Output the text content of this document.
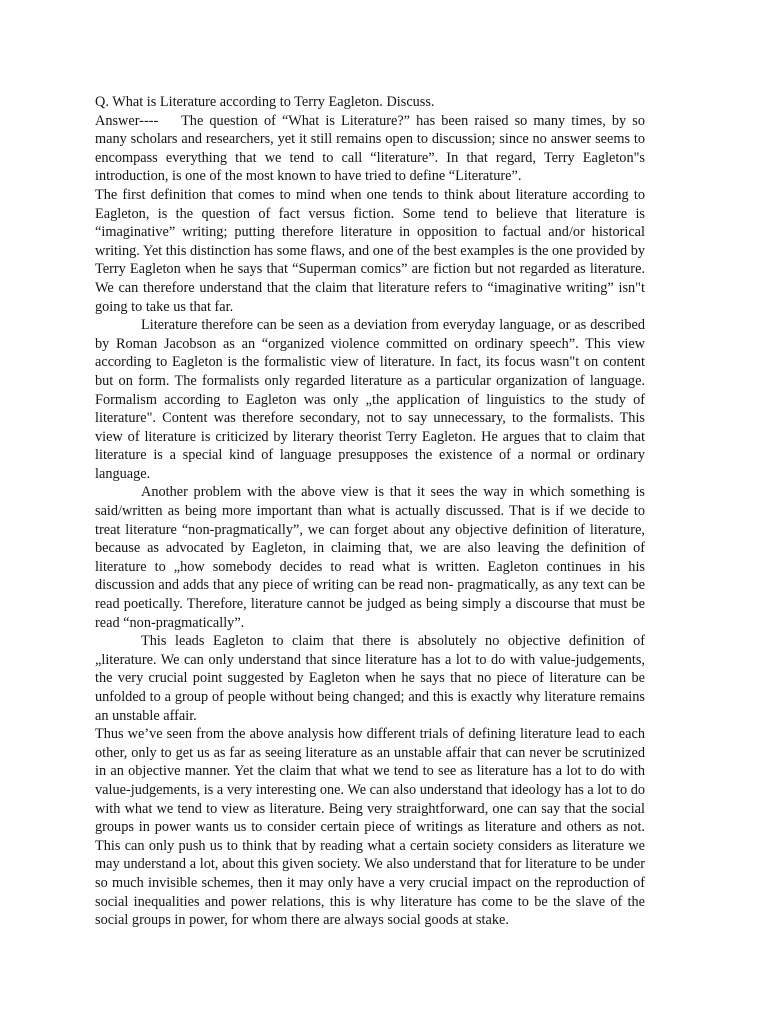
Q. What is Literature according to Terry Eagleton. Discuss.

Answer---- The question of “What is Literature?” has been raised so many times, by so many scholars and researchers, yet it still remains open to discussion; since no answer seems to encompass everything that we tend to call “literature”. In that regard, Terry Eagleton"s introduction, is one of the most known to have tried to define “Literature”.

The first definition that comes to mind when one tends to think about literature according to Eagleton, is the question of fact versus fiction. Some tend to believe that literature is “imaginative” writing; putting therefore literature in opposition to factual and/or historical writing. Yet this distinction has some flaws, and one of the best examples is the one provided by Terry Eagleton when he says that “Superman comics” are fiction but not regarded as literature. We can therefore understand that the claim that literature refers to “imaginative writing” isn"t going to take us that far.

Literature therefore can be seen as a deviation from everyday language, or as described by Roman Jacobson as an “organized violence committed on ordinary speech”. This view according to Eagleton is the formalistic view of literature. In fact, its focus wasn"t on content but on form. The formalists only regarded literature as a particular organization of language. Formalism according to Eagleton was only „the application of linguistics to the study of literature". Content was therefore secondary, not to say unnecessary, to the formalists. This view of literature is criticized by literary theorist Terry Eagleton. He argues that to claim that literature is a special kind of language presupposes the existence of a normal or ordinary language.

Another problem with the above view is that it sees the way in which something is said/written as being more important than what is actually discussed. That is if we decide to treat literature “non-pragmatically”, we can forget about any objective definition of literature, because as advocated by Eagleton, in claiming that, we are also leaving the definition of literature to „how somebody decides to read what is written. Eagleton continues in his discussion and adds that any piece of writing can be read non- pragmatically, as any text can be read poetically. Therefore, literature cannot be judged as being simply a discourse that must be read “non-pragmatically”.

This leads Eagleton to claim that there is absolutely no objective definition of „literature. We can only understand that since literature has a lot to do with value-judgements, the very crucial point suggested by Eagleton when he says that no piece of literature can be unfolded to a group of people without being changed; and this is exactly why literature remains an unstable affair.

Thus we’ve seen from the above analysis how different trials of defining literature lead to each other, only to get us as far as seeing literature as an unstable affair that can never be scrutinized in an objective manner. Yet the claim that what we tend to see as literature has a lot to do with value-judgements, is a very interesting one. We can also understand that ideology has a lot to do with what we tend to view as literature. Being very straightforward, one can say that the social groups in power wants us to consider certain piece of writings as literature and others as not. This can only push us to think that by reading what a certain society considers as literature we may understand a lot, about this given society. We also understand that for literature to be under so much invisible schemes, then it may only have a very crucial impact on the reproduction of social inequalities and power relations, this is why literature has come to be the slave of the social groups in power, for whom there are always social goods at stake.
